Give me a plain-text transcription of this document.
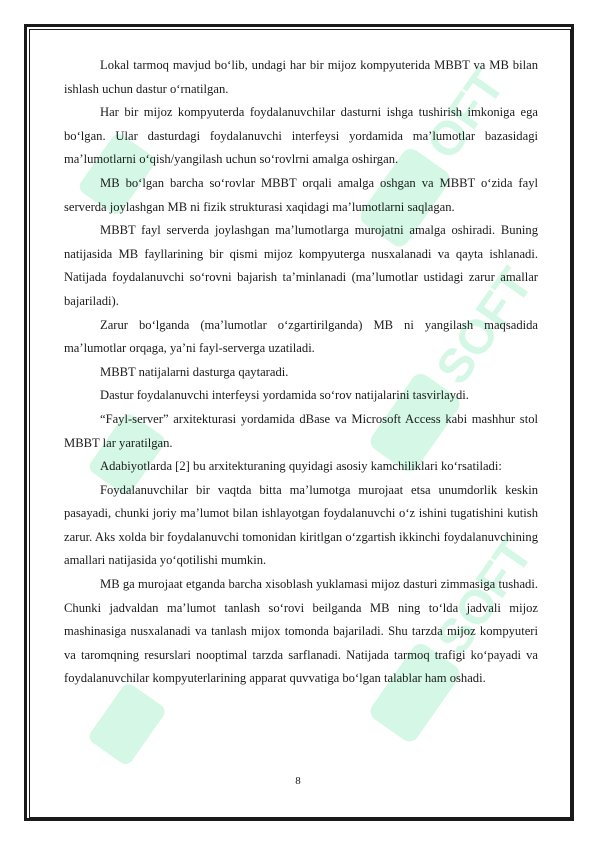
OFT
SOFT
SOFT

Lokal tarmoq mavjud bo‘lib, undagi har bir mijoz kompyuterida MBBT va MB bilan ishlash uchun dastur o‘rnatilgan.

Har bir mijoz kompyuterda foydalanuvchilar dasturni ishga tushirish imkoniga ega bo‘lgan. Ular dasturdagi foydalanuvchi interfeysi yordamida ma’lumotlar bazasidagi ma’lumotlarni o‘qish/yangilash uchun so‘rovlrni amalga oshirgan.

MB bo‘lgan barcha so‘rovlar MBBT orqali amalga oshgan va MBBT o‘zida fayl serverda joylashgan MB ni fizik strukturasi xaqidagi ma’lumotlarni saqlagan.

MBBT fayl serverda joylashgan ma’lumotlarga murojatni amalga oshiradi. Buning natijasida MB fayllarining bir qismi mijoz kompyuterga nusxalanadi va qayta ishlanadi. Natijada foydalanuvchi so‘rovni bajarish ta’minlanadi (ma’lumotlar ustidagi zarur amallar bajariladi).

Zarur bo‘lganda (ma’lumotlar o‘zgartirilganda) MB ni yangilash maqsadida ma’lumotlar orqaga, ya’ni fayl-serverga uzatiladi.

MBBT natijalarni dasturga qaytaradi.

Dastur foydalanuvchi interfeysi yordamida so‘rov natijalarini tasvirlaydi.

“Fayl-server” arxitekturasi yordamida dBase va Microsoft Access kabi mashhur stol MBBT lar yaratilgan.

Adabiyotlarda [2] bu arxitekturaning quyidagi asosiy kamchiliklari ko‘rsatiladi:

Foydalanuvchilar bir vaqtda bitta ma’lumotga murojaat etsa unumdorlik keskin pasayadi, chunki joriy ma’lumot bilan ishlayotgan foydalanuvchi o‘z ishini tugatishini kutish zarur. Aks xolda bir foydalanuvchi tomonidan kiritlgan o‘zgartish ikkinchi foydalanuvchining amallari natijasida yo‘qotilishi mumkin.

MB ga murojaat etganda barcha xisoblash yuklamasi mijoz dasturi zimmasiga tushadi. Chunki jadvaldan ma’lumot tanlash so‘rovi beilganda MB ning to‘lda jadvali mijoz mashinasiga nusxalanadi va tanlash mijox tomonda bajariladi. Shu tarzda mijoz kompyuteri va taromqning resurslari nooptimal tarzda sarflanadi. Natijada tarmoq trafigi ko‘payadi va foydalanuvchilar kompyuterlarining apparat quvvatiga bo‘lgan talablar ham oshadi.

8
